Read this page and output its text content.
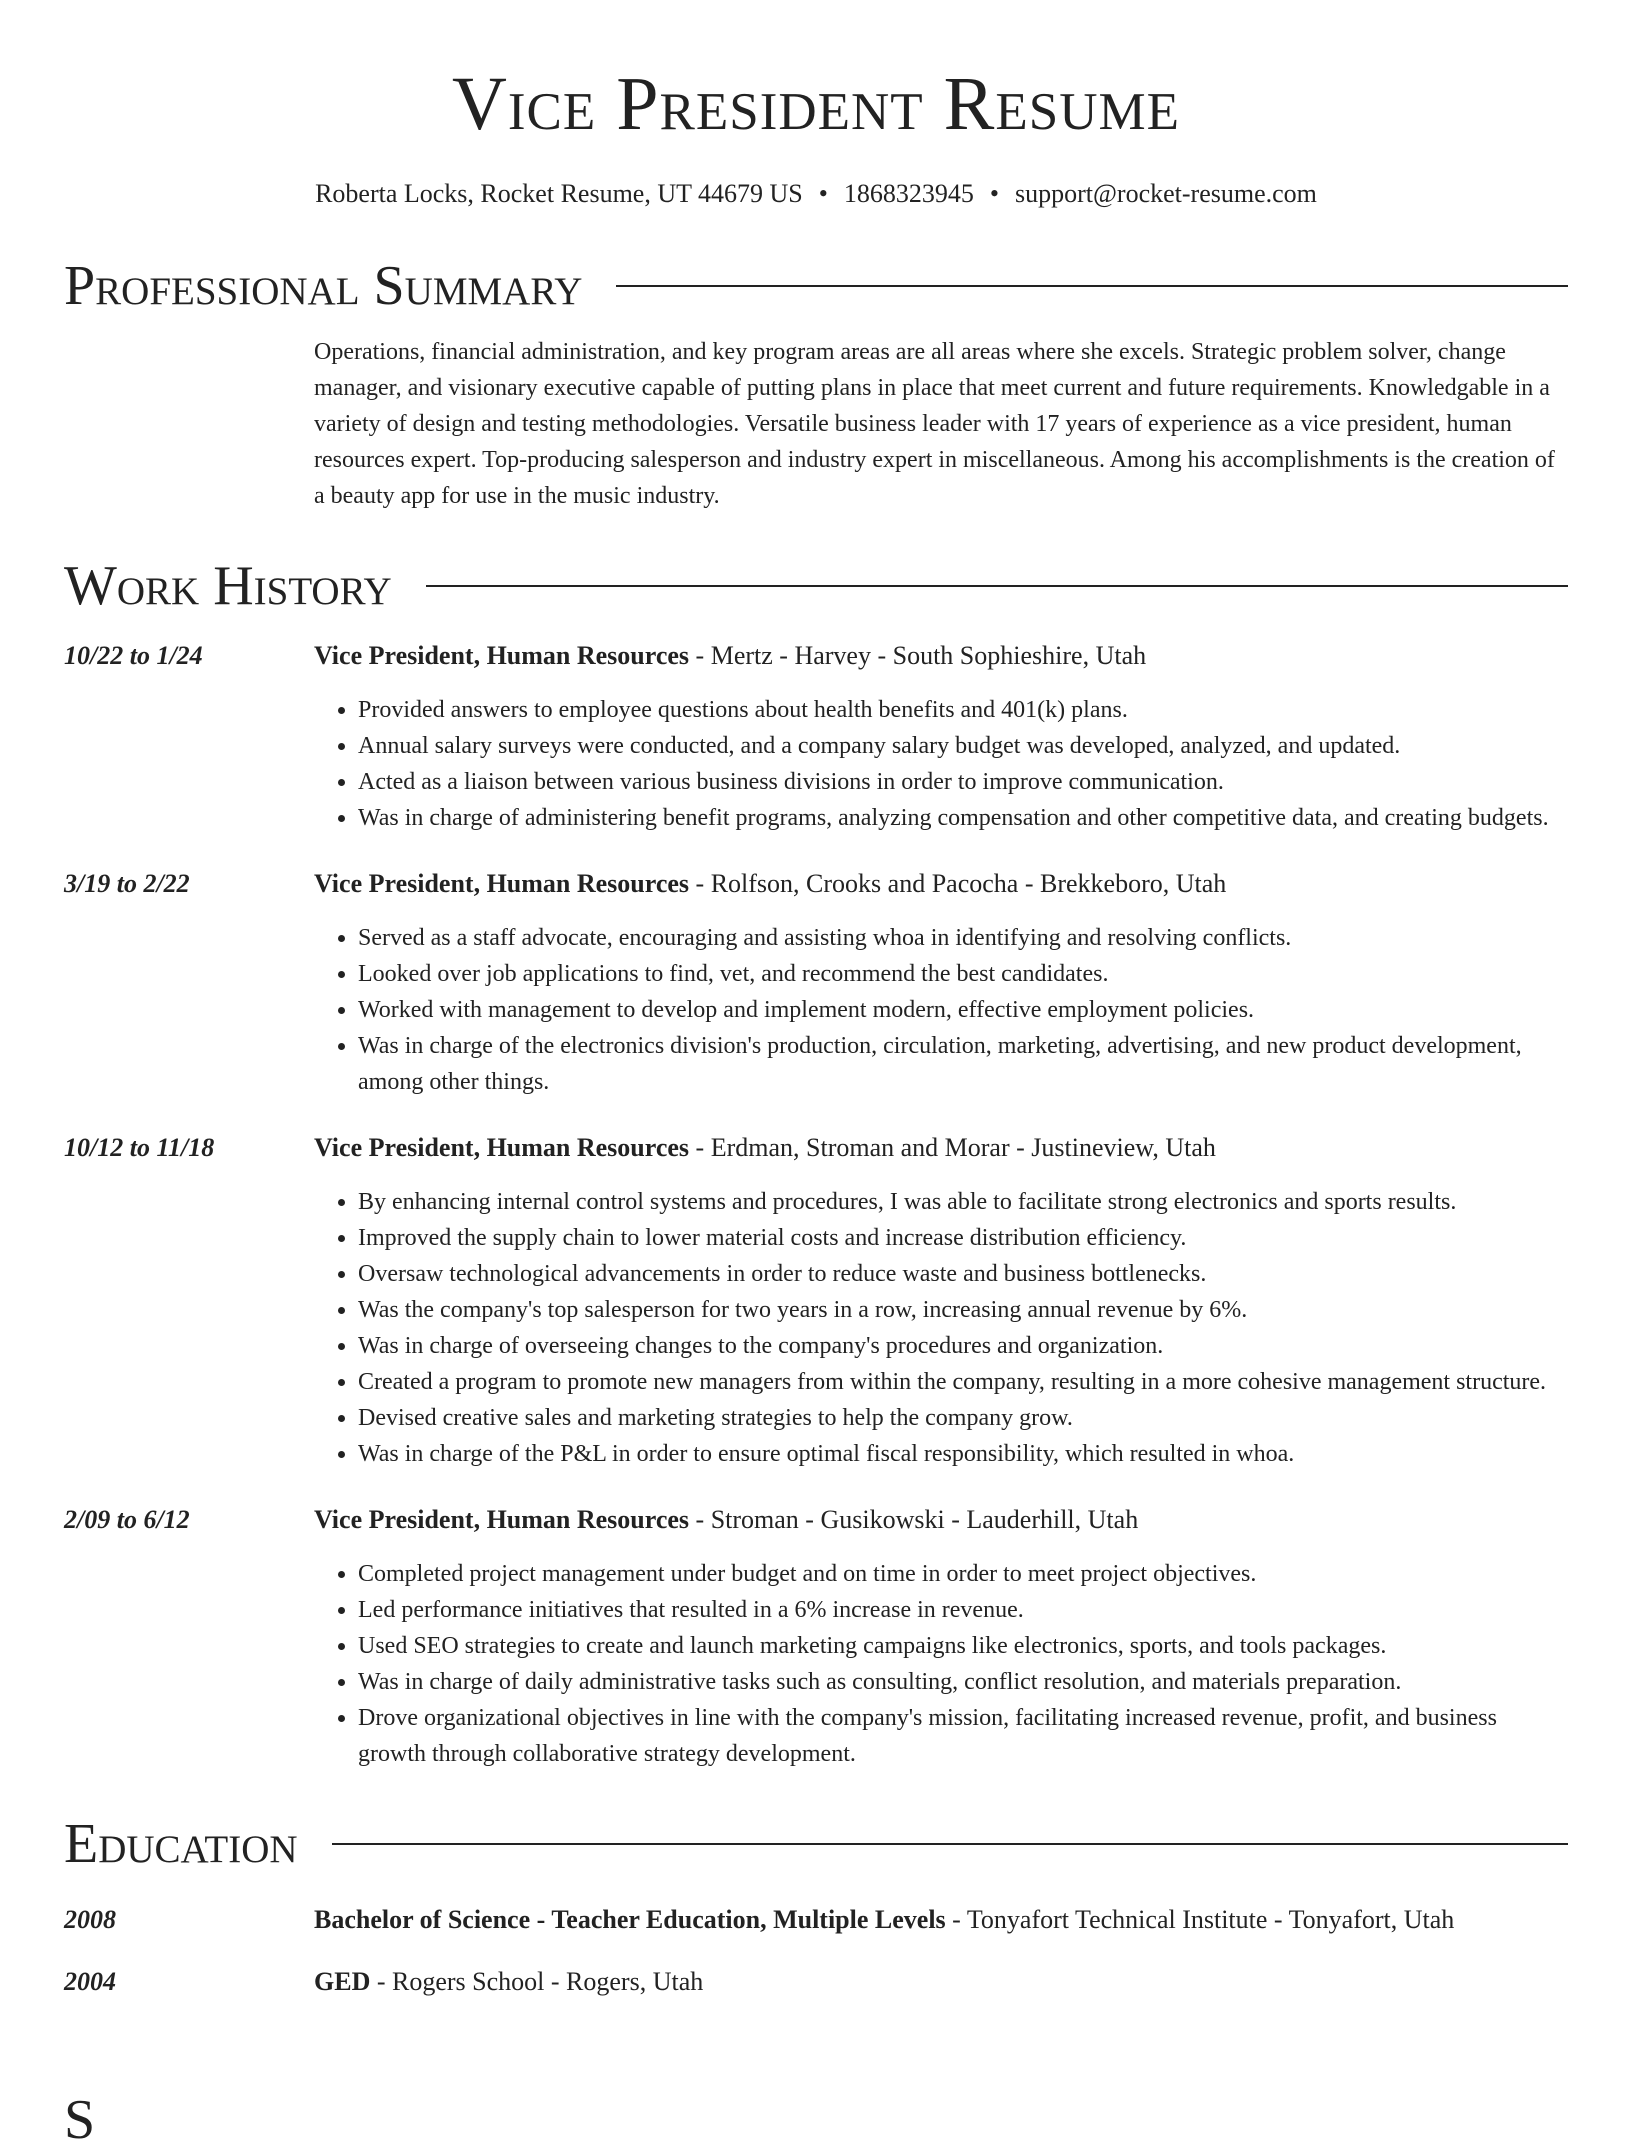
Vice President Resume
Roberta Locks, Rocket Resume, UT 44679 US • 1868323945 • support@rocket-resume.com
Professional Summary
Operations, financial administration, and key program areas are all areas where she excels. Strategic problem solver, change manager, and visionary executive capable of putting plans in place that meet current and future requirements. Knowledgable in a variety of design and testing methodologies. Versatile business leader with 17 years of experience as a vice president, human resources expert. Top-producing salesperson and industry expert in miscellaneous. Among his accomplishments is the creation of a beauty app for use in the music industry.
Work History
10/22 to 1/24	Vice President, Human Resources - Mertz - Harvey - South Sophieshire, Utah
• Provided answers to employee questions about health benefits and 401(k) plans.
• Annual salary surveys were conducted, and a company salary budget was developed, analyzed, and updated.
• Acted as a liaison between various business divisions in order to improve communication.
• Was in charge of administering benefit programs, analyzing compensation and other competitive data, and creating budgets.
3/19 to 2/22	Vice President, Human Resources - Rolfson, Crooks and Pacocha - Brekkeboro, Utah
• Served as a staff advocate, encouraging and assisting whoa in identifying and resolving conflicts.
• Looked over job applications to find, vet, and recommend the best candidates.
• Worked with management to develop and implement modern, effective employment policies.
• Was in charge of the electronics division's production, circulation, marketing, advertising, and new product development, among other things.
10/12 to 11/18	Vice President, Human Resources - Erdman, Stroman and Morar - Justineview, Utah
• By enhancing internal control systems and procedures, I was able to facilitate strong electronics and sports results.
• Improved the supply chain to lower material costs and increase distribution efficiency.
• Oversaw technological advancements in order to reduce waste and business bottlenecks.
• Was the company's top salesperson for two years in a row, increasing annual revenue by 6%.
• Was in charge of overseeing changes to the company's procedures and organization.
• Created a program to promote new managers from within the company, resulting in a more cohesive management structure.
• Devised creative sales and marketing strategies to help the company grow.
• Was in charge of the P&L in order to ensure optimal fiscal responsibility, which resulted in whoa.
2/09 to 6/12	Vice President, Human Resources - Stroman - Gusikowski - Lauderhill, Utah
• Completed project management under budget and on time in order to meet project objectives.
• Led performance initiatives that resulted in a 6% increase in revenue.
• Used SEO strategies to create and launch marketing campaigns like electronics, sports, and tools packages.
• Was in charge of daily administrative tasks such as consulting, conflict resolution, and materials preparation.
• Drove organizational objectives in line with the company's mission, facilitating increased revenue, profit, and business growth through collaborative strategy development.
Education
2008	Bachelor of Science - Teacher Education, Multiple Levels - Tonyafort Technical Institute - Tonyafort, Utah
2004	GED - Rogers School - Rogers, Utah
S
